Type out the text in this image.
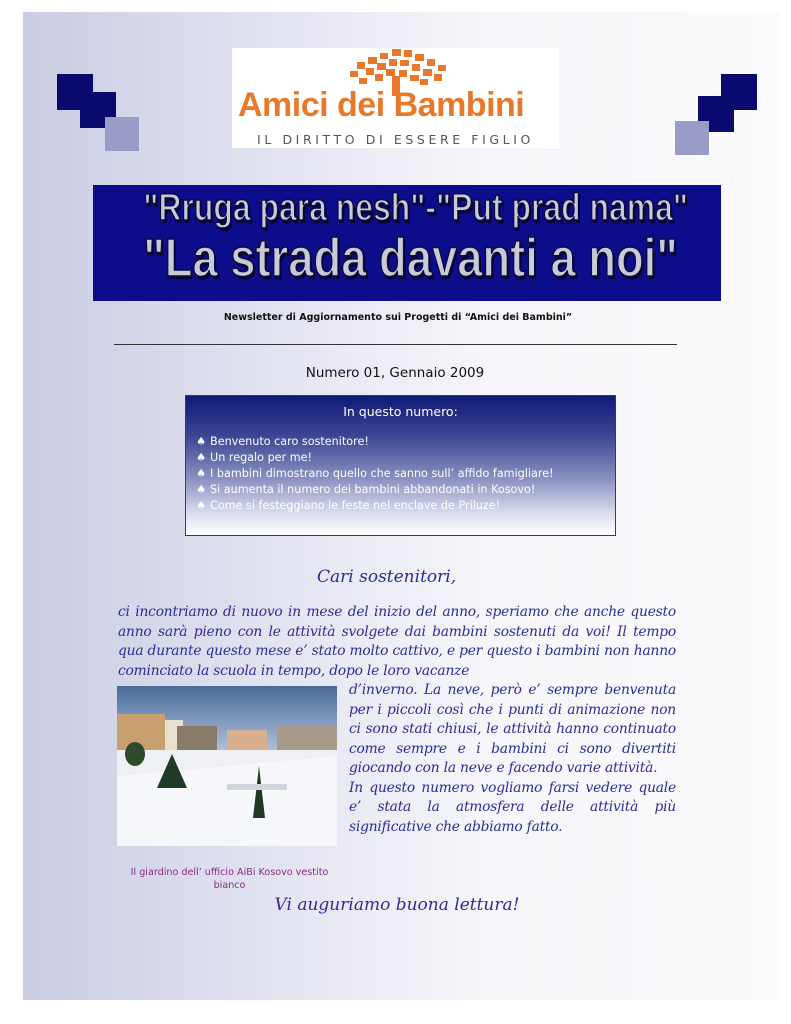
Amici dei Bambini
IL DIRITTO DI ESSERE FIGLIO
"Rruga para nesh"-"Put prad nama"
"La strada davanti a noi"
Newsletter di Aggiornamento sui Progetti di “Amici dei Bambini”
Numero 01, Gennaio 2009
In questo numero:
♠ Benvenuto caro sostenitore!
♠ Un regalo per me!
♠ I bambini dimostrano quello che sanno sull’ affido famigliare!
♠ Si aumenta il numero dei bambini abbandonati in Kosovo!
♠ Come si festeggiano le feste nel enclave de Priluze!
Cari sostenitori,
ci incontriamo di nuovo in mese del inizio del anno, speriamo che anche questo anno sarà pieno con le attività svolgete dai bambini sostenuti da voi! Il tempo qua durante questo mese e’ stato molto cattivo, e per questo i bambini non hanno cominciato la scuola in tempo, dopo le loro vacanze
d’inverno. La neve, però e’ sempre benvenuta per i piccoli così che i punti di animazione non ci sono stati chiusi, le attività hanno continuato come sempre e i bambini ci sono divertiti giocando con la neve e facendo varie attività.
In questo numero vogliamo farsi vedere quale e’ stata la atmosfera delle attività più significative che abbiamo fatto.
Il giardino dell’ ufficio AiBi Kosovo vestito bianco
Vi auguriamo buona lettura!
